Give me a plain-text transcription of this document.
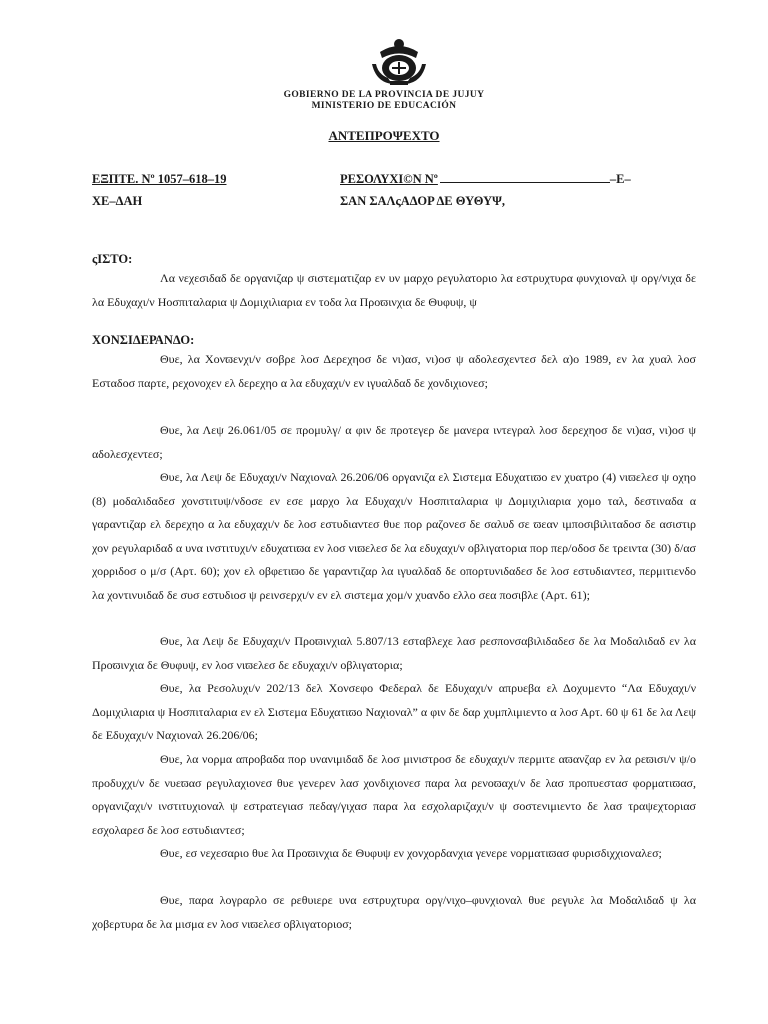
GOBIERNO DE LA PROVINCIA DE JUJUY
MINISTERIO DE EDUCACIÓN
ΑΝΤΕΠΡΟΨΕΧΤΟ
ΕΞΠΤΕ. Νº 1057–618–19	ΡΕΣΟΛΥΧΙ©Ν Νº	–Ε–
ΧΕ–ΔΑΗ	ΣΑΝ ΣΑΛςΑΔΟΡ ΔΕ ΘΥΘΥΨ,
ςΙΣΤΟ:

Λα νεχεσιδαδ δε οργανιζαρ ψ σιστεματιζαρ εν υν μαρχο ρεγυλατοριο λα εστρυχτυρα φυνχιοναλ ψ οργ/νιχα δε λα Εδυχαχι/ν Ηοσπιταλαρια ψ Δομιχιλιαρια εν τοδα λα Προϖινχια δε Θυφυψ, ψ

ΧΟΝΣΙΔΕΡΑΝΔΟ:

Θυε, λα Χονϖενχι/ν σοβρε λοσ Δερεχηοσ δε νι)ασ, νι)οσ ψ αδολεσχεντεσ δελ α)ο 1989, εν λα χυαλ λοσ Εσταδοσ παρτε, ρεχονοχεν ελ δερεχηο α λα εδυχαχι/ν εν ιγυαλδαδ δε χονδιχιονεσ;

Θυε, λα Λεψ 26.061/05 σε προμυλγ/ α φιν δε προτεγερ δε μανερα ιντεγραλ λοσ δερεχηοσ δε νι)ασ, νι)οσ ψ αδολεσχεντεσ;

Θυε, λα Λεψ δε Εδυχαχι/ν Ναχιοναλ 26.206/06 οργανιζα ελ Σιστεμα Εδυχατιϖο εν χυατρο (4) νιϖελεσ ψ οχηο (8) μοδαλιδαδεσ χονστιτυψ/νδοσε εν εσε μαρχο λα Εδυχαχι/ν Ηοσπιταλαρια ψ Δομιχιλιαρια χομο ταλ, δεστιναδα α γαραντιζαρ ελ δερεχηο α λα εδυχαχι/ν δε λοσ εστυδιαντεσ θυε πορ ραζονεσ δε σαλυδ σε ϖεαν ιμποσιβιλιταδοσ δε ασιστιρ χον ρεγυλαριδαδ α υνα ινστιτυχι/ν εδυχατιϖα εν λοσ νιϖελεσ δε λα εδυχαχι/ν οβλιγατορια πορ περ/οδοσ δε τρειντα (30) δ/ασ χορριδοσ ο μ/σ (Αρτ. 60); χον ελ οβφετιϖο δε γαραντιζαρ λα ιγυαλδαδ δε οπορτυνιδαδεσ δε λοσ εστυδιαντεσ, περμιτιενδο λα χοντινυιδαδ δε συσ εστυδιοσ ψ ρεινσερχι/ν εν ελ σιστεμα χομ/ν χυανδο ελλο σεα ποσιβλε (Αρτ. 61);

Θυε, λα Λεψ δε Εδυχαχι/ν Προϖινχιαλ 5.807/13 εσταβλεχε λασ ρεσπονσαβιλιδαδεσ δε λα Μοδαλιδαδ εν λα Προϖινχια δε Θυφυψ, εν λοσ νιϖελεσ δε εδυχαχι/ν οβλιγατορια;

Θυε, λα Ρεσολυχι/ν 202/13 δελ Χονσεφο Φεδεραλ δε Εδυχαχι/ν απρυεβα ελ Δοχυμεντο “Λα Εδυχαχι/ν Δομιχιλιαρια ψ Ηοσπιταλαρια εν ελ Σιστεμα Εδυχατιϖο Ναχιοναλ” α φιν δε δαρ χυμπλιμιεντο α λοσ Αρτ. 60 ψ 61 δε λα Λεψ δε Εδυχαχι/ν Ναχιοναλ 26.206/06;

Θυε, λα νορμα απροβαδα πορ υνανιμιδαδ δε λοσ μινιστροσ δε εδυχαχι/ν περμιτε αϖανζαρ εν λα ρεϖισι/ν ψ/ο προδυχχι/ν δε νυεϖασ ρεγυλαχιονεσ θυε γενερεν λασ χονδιχιονεσ παρα λα ρενοϖαχι/ν δε λασ προπυεστασ φορματιϖασ, οργανιζαχι/ν ινστιτυχιοναλ ψ εστρατεγιασ πεδαγ/γιχασ παρα λα εσχολαριζαχι/ν ψ σοστενιμιεντο δε λασ τραψεχτοριασ εσχολαρεσ δε λοσ εστυδιαντεσ;

Θυε, εσ νεχεσαριο θυε λα Προϖινχια δε Θυφυψ εν χονχορδανχια γενερε νορματιϖασ φυρισδιχχιοναλεσ;

Θυε, παρα λογραρλο σε ρεθυιερε υνα εστρυχτυρα οργ/νιχο–φυνχιοναλ θυε ρεγυλε λα Μοδαλιδαδ ψ λα χοβερτυρα δε λα μισμα εν λοσ νιϖελεσ οβλιγατοριοσ;
